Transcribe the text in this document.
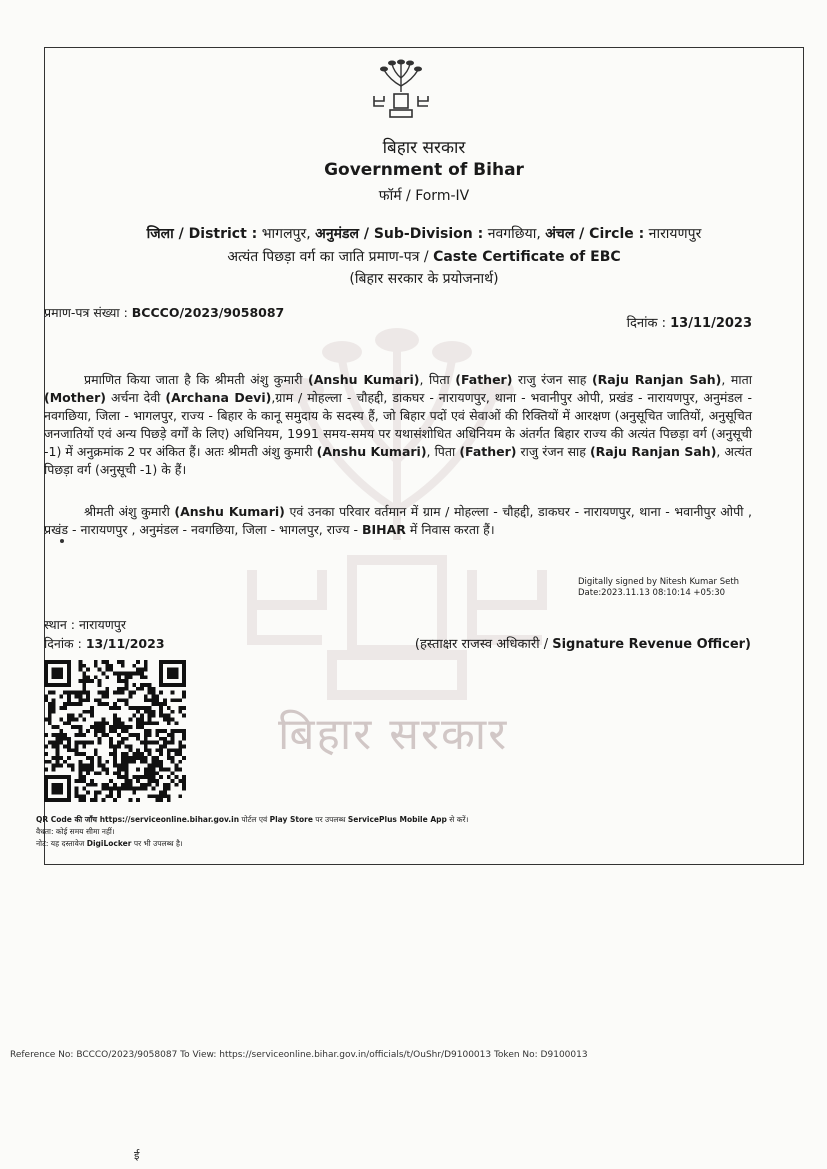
बिहार सरकार
बिहार सरकार
Government of Bihar
फॉर्म / Form-IV
जिला / District : भागलपुर, अनुमंडल / Sub-Division : नवगछिया, अंचल / Circle : नारायणपुर
अत्यंत पिछड़ा वर्ग का जाति प्रमाण-पत्र / Caste Certificate of EBC
(बिहार सरकार के प्रयोजनार्थ)
प्रमाण-पत्र संख्या : BCCCO/2023/9058087
दिनांक : 13/11/2023

प्रमाणित किया जाता है कि श्रीमती अंशु कुमारी (Anshu Kumari), पिता (Father) राजु रंजन साह (Raju Ranjan Sah), माता (Mother) अर्चना देवी (Archana Devi),ग्राम / मोहल्ला - चौहद्दी, डाकघर - नारायणपुर, थाना - भवानीपुर ओपी, प्रखंड - नारायणपुर, अनुमंडल - नवगछिया, जिला - भागलपुर, राज्य - बिहार के कानू समुदाय के सदस्य हैं, जो बिहार पदों एवं सेवाओं की रिक्तियों में आरक्षण (अनुसूचित जातियों, अनुसूचित जनजातियों एवं अन्य पिछड़े वर्गों के लिए) अधिनियम, 1991 समय-समय पर यथासंशोधित अधिनियम के अंतर्गत बिहार राज्य की अत्यंत पिछड़ा वर्ग (अनुसूची -1) में अनुक्रमांक 2 पर अंकित हैं। अतः श्रीमती अंशु कुमारी (Anshu Kumari), पिता (Father) राजु रंजन साह (Raju Ranjan Sah), अत्यंत पिछड़ा वर्ग (अनुसूची -1) के हैं।

श्रीमती अंशु कुमारी (Anshu Kumari) एवं उनका परिवार वर्तमान में ग्राम / मोहल्ला - चौहद्दी, डाकघर - नारायणपुर, थाना - भवानीपुर ओपी , प्रखंड - नारायणपुर , अनुमंडल - नवगछिया, जिला - भागलपुर, राज्य - BIHAR में निवास करता हैं।

Digitally signed by Nitesh Kumar Seth
Date:2023.11.13 08:10:14 +05:30
स्थान : नारायणपुर
दिनांक : 13/11/2023	(हस्ताक्षर राजस्व अधिकारी / Signature Revenue Officer)
QR Code की जाँच https://serviceonline.bihar.gov.in पोर्टल एवं Play Store पर उपलब्ध ServicePlus Mobile App से करें।
वैधता: कोई समय सीमा नहीं।
नोट: यह दस्तावेज DigiLocker पर भी उपलब्ध है।
Reference No: BCCCO/2023/9058087 To View: https://serviceonline.bihar.gov.in/officials/t/OuShr/D9100013 Token No: D9100013
ई
